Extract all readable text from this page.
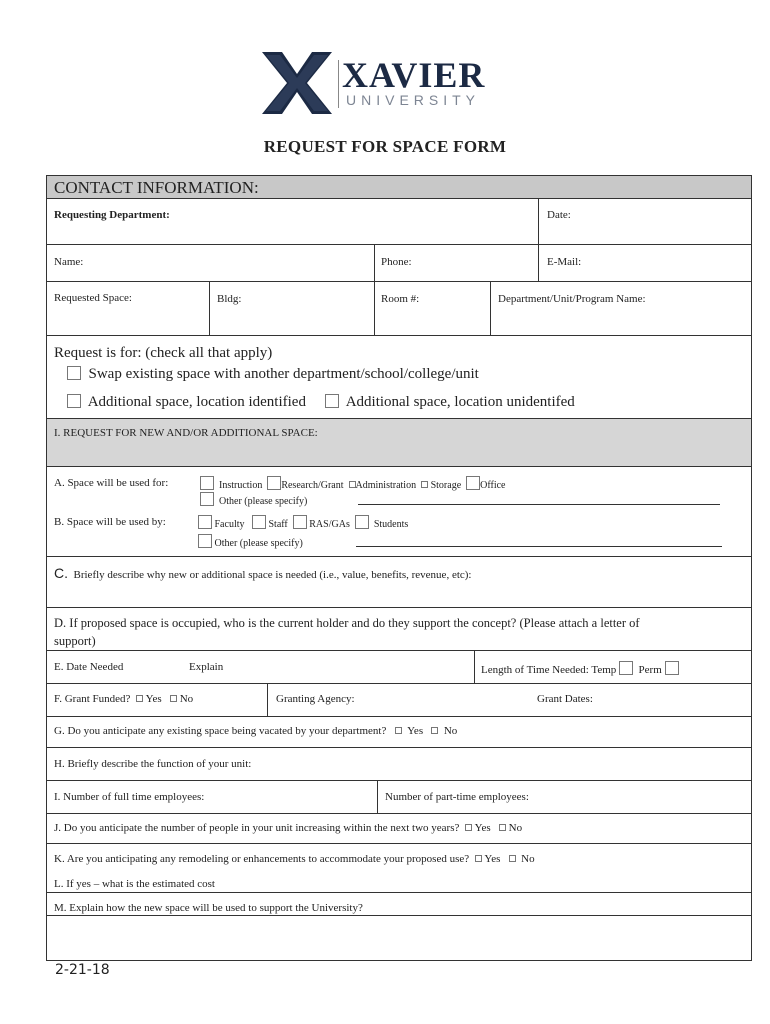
XAVIER
UNIVERSITY
REQUEST FOR SPACE FORM
CONTACT INFORMATION:
Requesting Department:	Date:
Name:	Phone:	E-Mail:
Requested Space:	Bldg:	Room #:	Department/Unit/Program Name:
Request is for: (check all that apply)
Swap existing space with another department/school/college/unit
Additional space, location identified	Additional space, location unidentifed
I. REQUEST FOR NEW AND/OR ADDITIONAL SPACE:
A. Space will be used for:	Instruction Research/Grant Administration Storage Office
Other (please specify)
B. Space will be used by:	Faculty Staff RAS/GAs Students
Other (please specify)
C. Briefly describe why new or additional space is needed (i.e., value, benefits, revenue, etc):
D. If proposed space is occupied, who is the current holder and do they support the concept? (Please attach a letter of
support)
E. Date Needed	Explain	Length of Time Needed: Temp Perm
F. Grant Funded? Yes No	Granting Agency:	Grant Dates:
G. Do you anticipate any existing space being vacated by your department? Yes No
H. Briefly describe the function of your unit:
I. Number of full time employees:	Number of part-time employees:
J. Do you anticipate the number of people in your unit increasing within the next two years? Yes No
K. Are you anticipating any remodeling or enhancements to accommodate your proposed use? Yes No
L. If yes – what is the estimated cost
M. Explain how the new space will be used to support the University?
2-21-18
